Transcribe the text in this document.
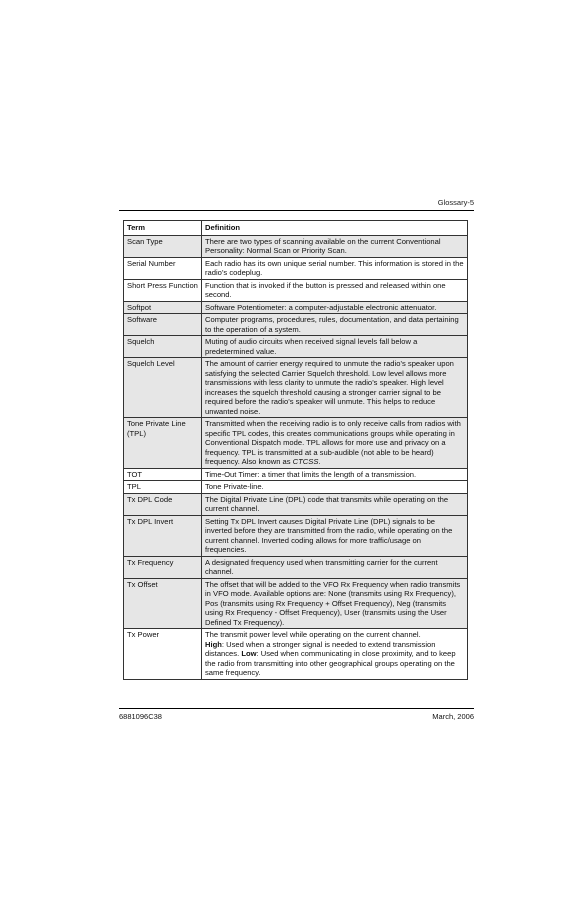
Glossary-5
Term	Definition
Scan Type	There are two types of scanning available on the current Conventional Personality: Normal Scan or Priority Scan.
Serial Number	Each radio has its own unique serial number. This information is stored in the radio’s codeplug.
Short Press Function	Function that is invoked if the button is pressed and released within one second.
Softpot	Software Potentiometer: a computer-adjustable electronic attenuator.
Software	Computer programs, procedures, rules, documentation, and data pertaining to the operation of a system.
Squelch	Muting of audio circuits when received signal levels fall below a predetermined value.
Squelch Level	The amount of carrier energy required to unmute the radio’s speaker upon satisfying the selected Carrier Squelch threshold. Low level allows more transmissions with less clarity to unmute the radio’s speaker. High level increases the squelch threshold causing a stronger carrier signal to be required before the radio’s speaker will unmute. This helps to reduce unwanted noise.
Tone Private Line (TPL)	Transmitted when the receiving radio is to only receive calls from radios with specific TPL codes, this creates communications groups while operating in Conventional Dispatch mode. TPL allows for more use and privacy on a frequency. TPL is transmitted at a sub-audible (not able to be heard) frequency. Also known as CTCSS.
TOT	Time-Out Timer: a timer that limits the length of a transmission.
TPL	Tone Private-line.
Tx DPL Code	The Digital Private Line (DPL) code that transmits while operating on the current channel.
Tx DPL Invert	Setting Tx DPL Invert causes Digital Private Line (DPL) signals to be inverted before they are transmitted from the radio, while operating on the current channel. Inverted coding allows for more traffic/usage on frequencies.
Tx Frequency	A designated frequency used when transmitting carrier for the current channel.
Tx Offset	The offset that will be added to the VFO Rx Frequency when radio transmits in VFO mode. Available options are: None (transmits using Rx Frequency), Pos (transmits using Rx Frequency + Offset Frequency), Neg (transmits using Rx Frequency - Offset Frequency), User (transmits using the User Defined Tx Frequency).
Tx Power	The transmit power level while operating on the current channel.
High: Used when a stronger signal is needed to extend transmission distances. Low: Used when communicating in close proximity, and to keep the radio from transmitting into other geographical groups operating on the same frequency.
6881096C38	March, 2006
